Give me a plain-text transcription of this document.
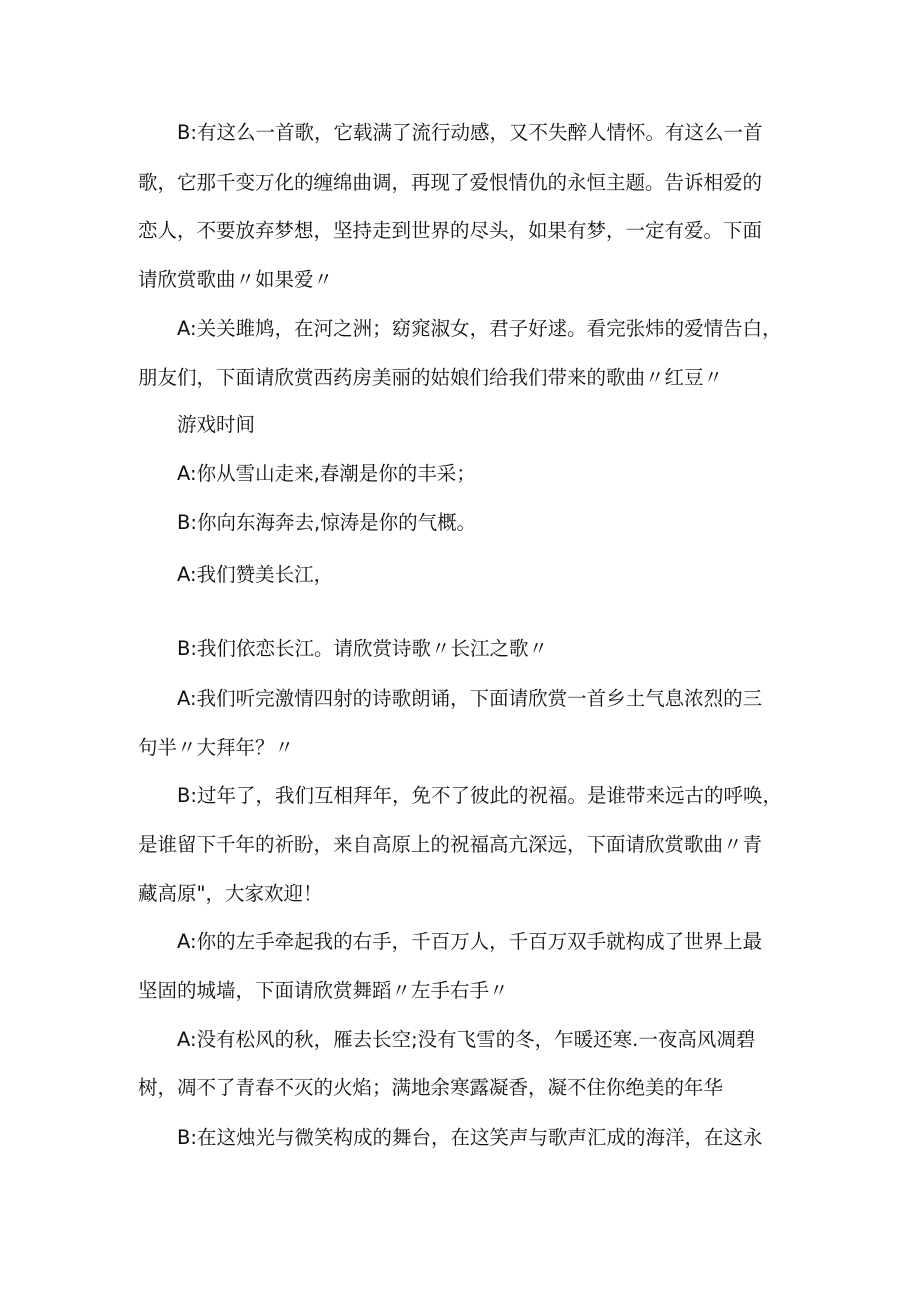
B:有这么一首歌，它载满了流行动感，又不失醉人情怀。有这么一首
歌，它那千变万化的缠绵曲调，再现了爱恨情仇的永恒主题。告诉相爱的
恋人，不要放弃梦想，坚持走到世界的尽头，如果有梦，一定有爱。下面
请欣赏歌曲〃如果爱〃
A:关关雎鸠，在河之洲；窈窕淑女，君子好逑。看完张炜的爱情告白，
朋友们，下面请欣赏西药房美丽的姑娘们给我们带来的歌曲〃红豆〃
游戏时间
A:你从雪山走来,春潮是你的丰采；
B:你向东海奔去,惊涛是你的气概。
A:我们赞美长江，
B:我们依恋长江。请欣赏诗歌〃长江之歌〃
A:我们听完激情四射的诗歌朗诵，下面请欣赏一首乡土气息浓烈的三
句半〃大拜年？〃
B:过年了，我们互相拜年，免不了彼此的祝福。是谁带来远古的呼唤，
是谁留下千年的祈盼，来自高原上的祝福高亢深远，下面请欣赏歌曲〃青
藏高原"，大家欢迎！
A:你的左手牵起我的右手，千百万人，千百万双手就构成了世界上最
坚固的城墙，下面请欣赏舞蹈〃左手右手〃
A:没有松风的秋，雁去长空;没有飞雪的冬，乍暖还寒.一夜高风凋碧
树，凋不了青春不灭的火焰；满地余寒露凝香，凝不住你绝美的年华
B:在这烛光与微笑构成的舞台，在这笑声与歌声汇成的海洋，在这永
